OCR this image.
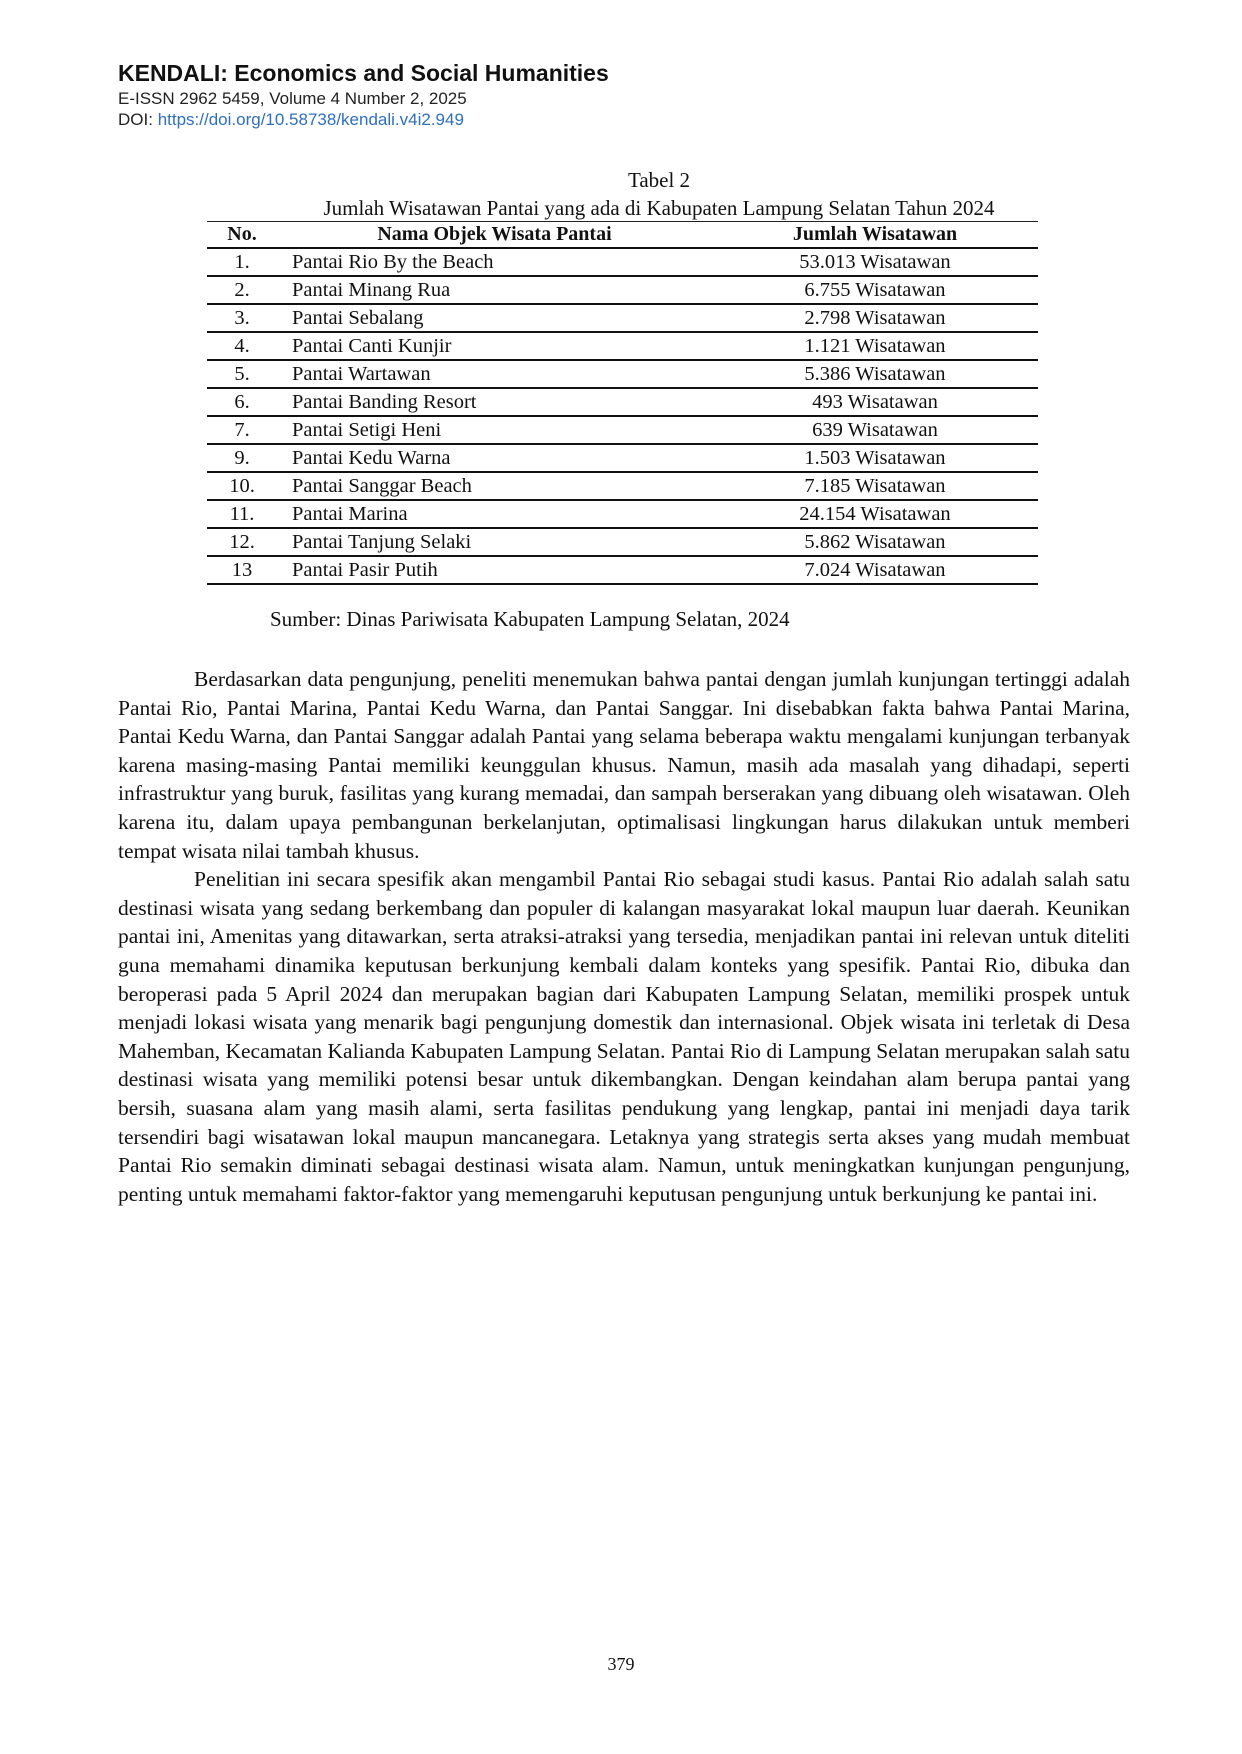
KENDALI: Economics and Social Humanities
E-ISSN 2962 5459, Volume 4 Number 2, 2025
DOI: https://doi.org/10.58738/kendali.v4i2.949
Tabel 2
Jumlah Wisatawan Pantai yang ada di Kabupaten Lampung Selatan Tahun 2024
No.	Nama Objek Wisata Pantai	Jumlah Wisatawan
1.	Pantai Rio By the Beach	53.013 Wisatawan
2.	Pantai Minang Rua	6.755 Wisatawan
3.	Pantai Sebalang	2.798 Wisatawan
4.	Pantai Canti Kunjir	1.121 Wisatawan
5.	Pantai Wartawan	5.386 Wisatawan
6.	Pantai Banding Resort	493 Wisatawan
7.	Pantai Setigi Heni	639 Wisatawan
9.	Pantai Kedu Warna	1.503 Wisatawan
10.	Pantai Sanggar Beach	7.185 Wisatawan
11.	Pantai Marina	24.154 Wisatawan
12.	Pantai Tanjung Selaki	5.862 Wisatawan
13	Pantai Pasir Putih	7.024 Wisatawan
Sumber: Dinas Pariwisata Kabupaten Lampung Selatan, 2024

Berdasarkan data pengunjung, peneliti menemukan bahwa pantai dengan jumlah kunjungan tertinggi adalah Pantai Rio, Pantai Marina, Pantai Kedu Warna, dan Pantai Sanggar. Ini disebabkan fakta bahwa Pantai Marina, Pantai Kedu Warna, dan Pantai Sanggar adalah Pantai yang selama beberapa waktu mengalami kunjungan terbanyak karena masing-masing Pantai memiliki keunggulan khusus. Namun, masih ada masalah yang dihadapi, seperti infrastruktur yang buruk, fasilitas yang kurang memadai, dan sampah berserakan yang dibuang oleh wisatawan. Oleh karena itu, dalam upaya pembangunan berkelanjutan, optimalisasi lingkungan harus dilakukan untuk memberi tempat wisata nilai tambah khusus.

Penelitian ini secara spesifik akan mengambil Pantai Rio sebagai studi kasus. Pantai Rio adalah salah satu destinasi wisata yang sedang berkembang dan populer di kalangan masyarakat lokal maupun luar daerah. Keunikan pantai ini, Amenitas yang ditawarkan, serta atraksi-atraksi yang tersedia, menjadikan pantai ini relevan untuk diteliti guna memahami dinamika keputusan berkunjung kembali dalam konteks yang spesifik. Pantai Rio, dibuka dan beroperasi pada 5 April 2024 dan merupakan bagian dari Kabupaten Lampung Selatan, memiliki prospek untuk menjadi lokasi wisata yang menarik bagi pengunjung domestik dan internasional. Objek wisata ini terletak di Desa Mahemban, Kecamatan Kalianda Kabupaten Lampung Selatan. Pantai Rio di Lampung Selatan merupakan salah satu destinasi wisata yang memiliki potensi besar untuk dikembangkan. Dengan keindahan alam berupa pantai yang bersih, suasana alam yang masih alami, serta fasilitas pendukung yang lengkap, pantai ini menjadi daya tarik tersendiri bagi wisatawan lokal maupun mancanegara. Letaknya yang strategis serta akses yang mudah membuat Pantai Rio semakin diminati sebagai destinasi wisata alam. Namun, untuk meningkatkan kunjungan pengunjung, penting untuk memahami faktor-faktor yang memengaruhi keputusan pengunjung untuk berkunjung ke pantai ini.

379
